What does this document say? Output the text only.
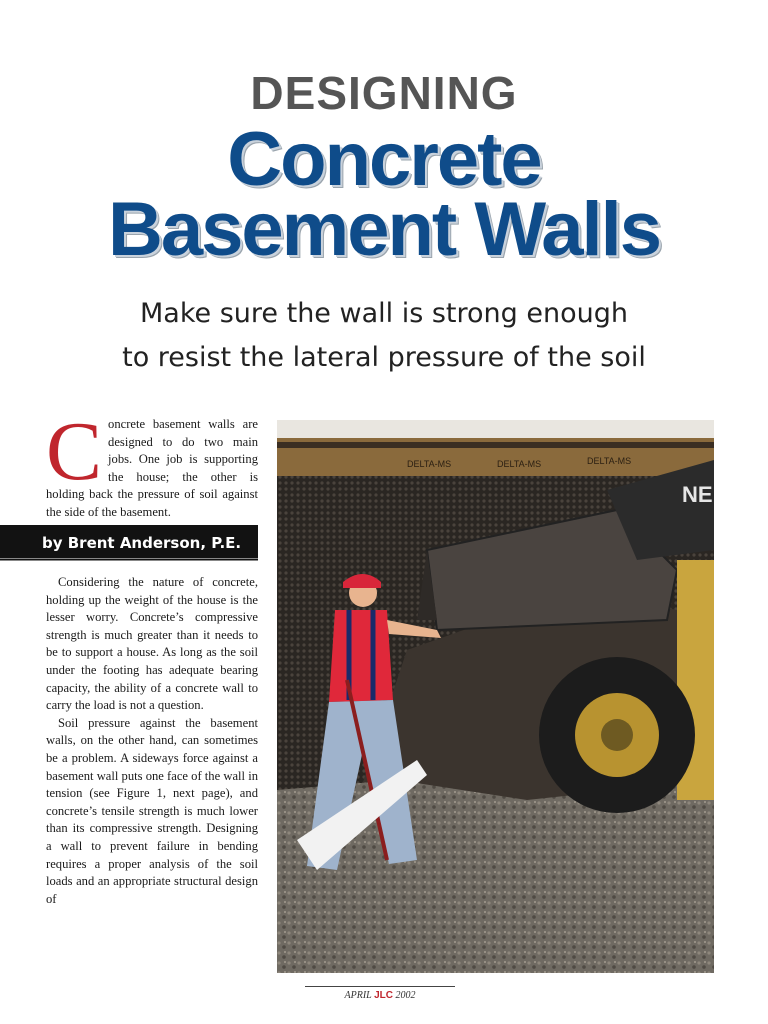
DESIGNING
Concrete
Basement Walls
Make sure the wall is strong enough
to resist the lateral pressure of the soil
C oncrete basement walls are designed to do two main jobs. One job is supporting the house; the other is holding back the pressure of soil against the side of the basement.

by Brent Anderson, P.E.

Considering the nature of concrete, holding up the weight of the house is the lesser worry. Concrete’s compressive strength is much greater than it needs to be to support a house. As long as the soil under the footing has adequate bearing capacity, the ability of a concrete wall to carry the load is not a question.

Soil pressure against the basement walls, on the other hand, can sometimes be a problem. A sideways force against a basement wall puts one face of the wall in tension (see Figure 1, next page), and concrete’s tensile strength is much lower than its compressive strength. Designing a wall to prevent failure in bending requires a proper analysis of the soil loads and an appropriate structural design of

DELTA-MS	DELTA-MS	DELTA-MS
NE
APRIL JLC 2002
